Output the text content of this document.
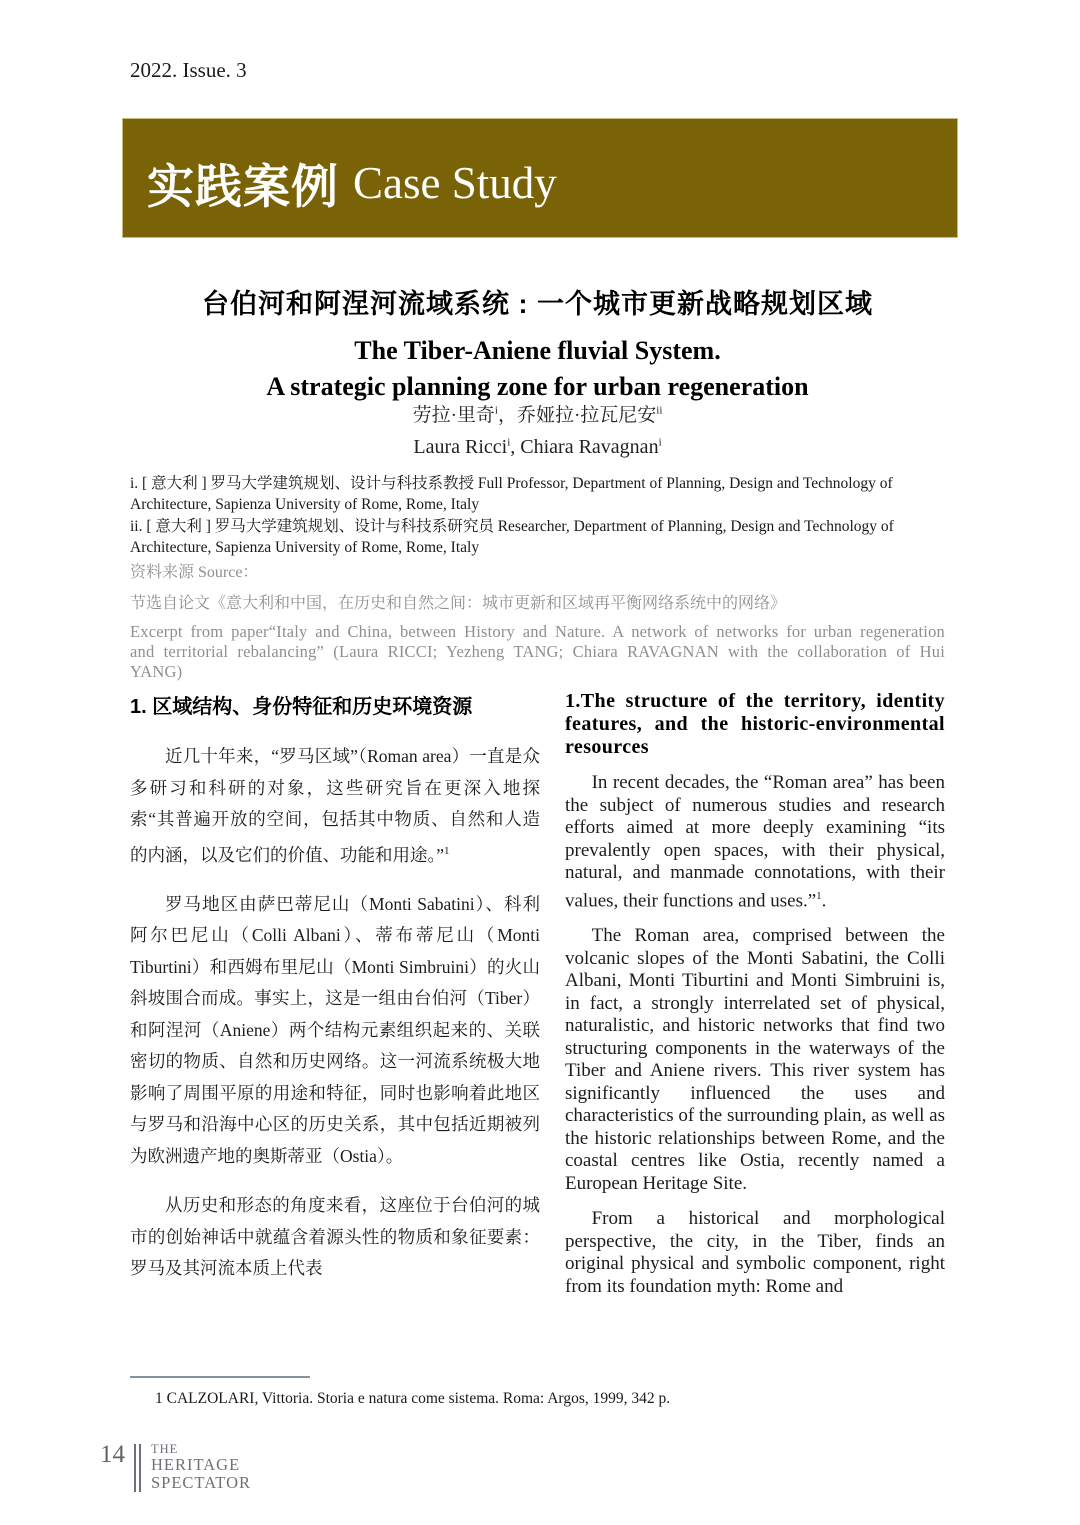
2022. Issue. 3
实践案例 Case Study
台伯河和阿涅河流域系统 : 一个城市更新战略规划区域

The Tiber-Aniene fluvial System.
A strategic planning zone for urban regeneration

劳拉·里奇$^i$，乔娅拉·拉瓦尼安$^{ii}$
Laura Ricci$^i$, Chiara Ravagnan$^i$

i. [ 意大利 ] 罗马大学建筑规划、设计与科技系教授 Full Professor, Department of Planning, Design and Technology of Architecture, Sapienza University of Rome, Rome, Italy

ii. [ 意大利 ] 罗马大学建筑规划、设计与科技系研究员 Researcher, Department of Planning, Design and Technology of Architecture, Sapienza University of Rome, Rome, Italy

资料来源 Source：
节选自论文《意大利和中国，在历史和自然之间：城市更新和区域再平衡网络系统中的网络》
Excerpt from paper“Italy and China, between History and Nature. A network of networks for urban regeneration and territorial rebalancing” (Laura RICCI; Yezheng TANG; Chiara RAVAGNAN with the collaboration of Hui YANG)
1. 区域结构、身份特征和历史环境资源

近几十年来，“罗马区域”（Roman area）一直是众多研习和科研的对象，这些研究旨在更深入地探索“其普遍开放的空间，包括其中物质、自然和人造的内涵，以及它们的价值、功能和用途。”$^1$

罗马地区由萨巴蒂尼山（Monti Sabatini）、科利阿尔巴尼山（Colli Albani）、蒂布蒂尼山（Monti Tiburtini）和西姆布里尼山（Monti Simbruini）的火山斜坡围合而成。事实上，这是一组由台伯河（Tiber）和阿涅河（Aniene）两个结构元素组织起来的、关联密切的物质、自然和历史网络。这一河流系统极大地影响了周围平原的用途和特征，同时也影响着此地区与罗马和沿海中心区的历史关系，其中包括近期被列为欧洲遗产地的奥斯蒂亚（Ostia）。

从历史和形态的角度来看，这座位于台伯河的城市的创始神话中就蕴含着源头性的物质和象征要素：罗马及其河流本质上代表

1.The structure of the territory, identity features, and the historic-environmental resources

In recent decades, the “Roman area” has been the subject of numerous studies and research efforts aimed at more deeply examining “its prevalently open spaces, with their physical, natural, and manmade connotations, with their values, their functions and uses.”$^1$.

The Roman area, comprised between the volcanic slopes of the Monti Sabatini, the Colli Albani, Monti Tiburtini and Monti Simbruini is, in fact, a strongly interrelated set of physical, naturalistic, and historic networks that find two structuring components in the waterways of the Tiber and Aniene rivers. This river system has significantly influenced the uses and characteristics of the surrounding plain, as well as the historic relationships between Rome, and the coastal centres like Ostia, recently named a European Heritage Site.

From a historical and morphological perspective, the city, in the Tiber, finds an original physical and symbolic component, right from its foundation myth: Rome and

1 CALZOLARI, Vittoria. Storia e natura come sistema. Roma: Argos, 1999, 342 p.
14 THE
HERITAGE
SPECTATOR
